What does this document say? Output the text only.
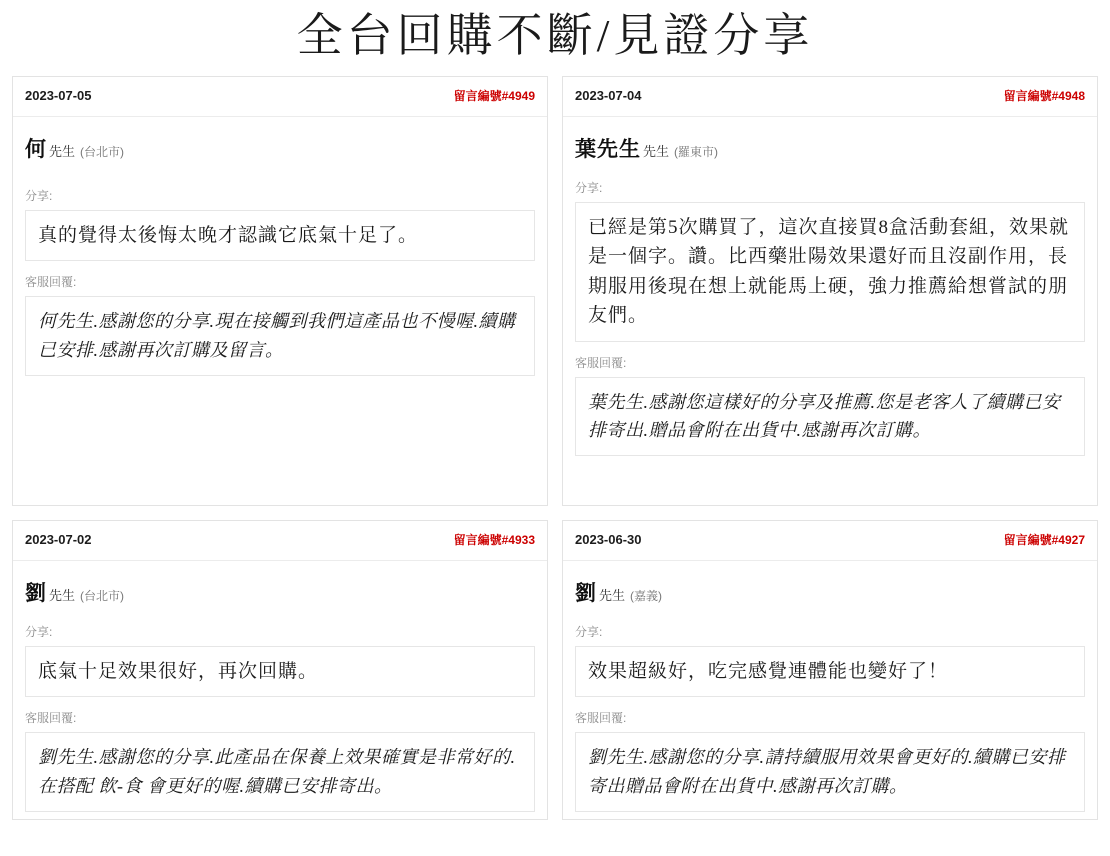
全台回購不斷/見證分享
2023-07-05	留言編號#4949
何 先生 (台北市)
分享:
真的覺得太後悔太晚才認識它底氣十足了。
客服回覆:
何先生.感謝您的分享.現在接觸到我們這產品也不慢喔.續購已安排.感謝再次訂購及留言。
2023-07-04	留言編號#4948
葉先生 先生 (羅東市)
分享:
已經是第5次購買了，這次直接買8盒活動套組，效果就是一個字。讚。比西藥壯陽效果還好而且沒副作用，長期服用後現在想上就能馬上硬，強力推薦給想嘗試的朋友們。
客服回覆:
葉先生.感謝您這樣好的分享及推薦.您是老客人了續購已安排寄出.贈品會附在出貨中.感謝再次訂購。
2023-07-02	留言編號#4933
劉 先生 (台北市)
分享:
底氣十足效果很好，再次回購。
客服回覆:
劉先生.感謝您的分享.此產品在保養上效果確實是非常好的.在搭配 飲-食 會更好的喔.續購已安排寄出。
2023-06-30	留言編號#4927
劉 先生 (嘉義)
分享:
效果超級好，吃完感覺連體能也變好了！
客服回覆:
劉先生.感謝您的分享.請持續服用效果會更好的.續購已安排寄出贈品會附在出貨中.感謝再次訂購。
